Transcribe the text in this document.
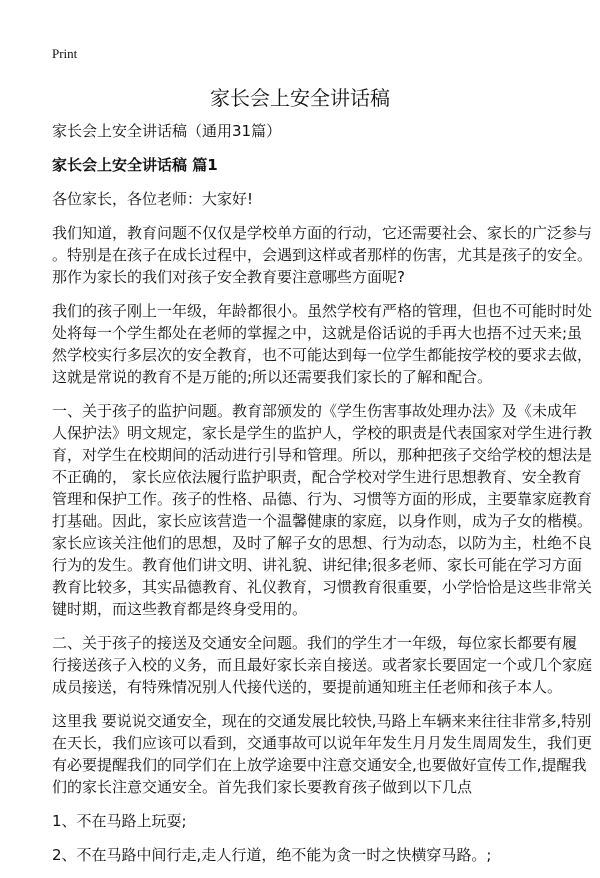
Print
家长会上安全讲话稿
家长会上安全讲话稿（通用31篇）
家长会上安全讲话稿 篇1
各位家长，各位老师：大家好!
我们知道，教育问题不仅仅是学校单方面的行动，它还需要社会、家长的广泛参与
。特别是在孩子在成长过程中，会遇到这样或者那样的伤害，尤其是孩子的安全。
那作为家长的我们对孩子安全教育要注意哪些方面呢?
我们的孩子刚上一年级，年龄都很小。虽然学校有严格的管理，但也不可能时时处
处将每一个学生都处在老师的掌握之中，这就是俗话说的手再大也捂不过天来;虽
然学校实行多层次的安全教育，也不可能达到每一位学生都能按学校的要求去做，
这就是常说的教育不是万能的;所以还需要我们家长的了解和配合。
一、关于孩子的监护问题。教育部颁发的《学生伤害事故处理办法》及《未成年
人保护法》明文规定，家长是学生的监护人，学校的职责是代表国家对学生进行教
育，对学生在校期间的活动进行引导和管理。所以，那种把孩子交给学校的想法是
不正确的， 家长应依法履行监护职责，配合学校对学生进行思想教育、安全教育
管理和保护工作。孩子的性格、品德、行为、习惯等方面的形成，主要靠家庭教育
打基础。因此，家长应该营造一个温馨健康的家庭，以身作则，成为子女的楷模。
家长应该关注他们的思想，及时了解子女的思想、行为动态，以防为主，杜绝不良
行为的发生。教育他们讲文明、讲礼貌、讲纪律;很多老师、家长可能在学习方面
教育比较多，其实品德教育、礼仪教育，习惯教育很重要，小学恰恰是这些非常关
键时期，而这些教育都是终身受用的。
二、关于孩子的接送及交通安全问题。我们的学生才一年级，每位家长都要有履
行接送孩子入校的义务，而且最好家长亲自接送。或者家长要固定一个或几个家庭
成员接送，有特殊情况别人代接代送的，要提前通知班主任老师和孩子本人。
这里我 要说说交通安全，现在的交通发展比较快,马路上车辆来来往往非常多,特别
在天长，我们应该可以看到，交通事故可以说年年发生月月发生周周发生，我们更
有必要提醒我们的同学们在上放学途要中注意交通安全,也要做好宣传工作,提醒我
们的家长注意交通安全。首先我们家长要教育孩子做到以下几点
1、不在马路上玩耍;
2、不在马路中间行走,走人行道，绝不能为贪一时之快横穿马路。;
